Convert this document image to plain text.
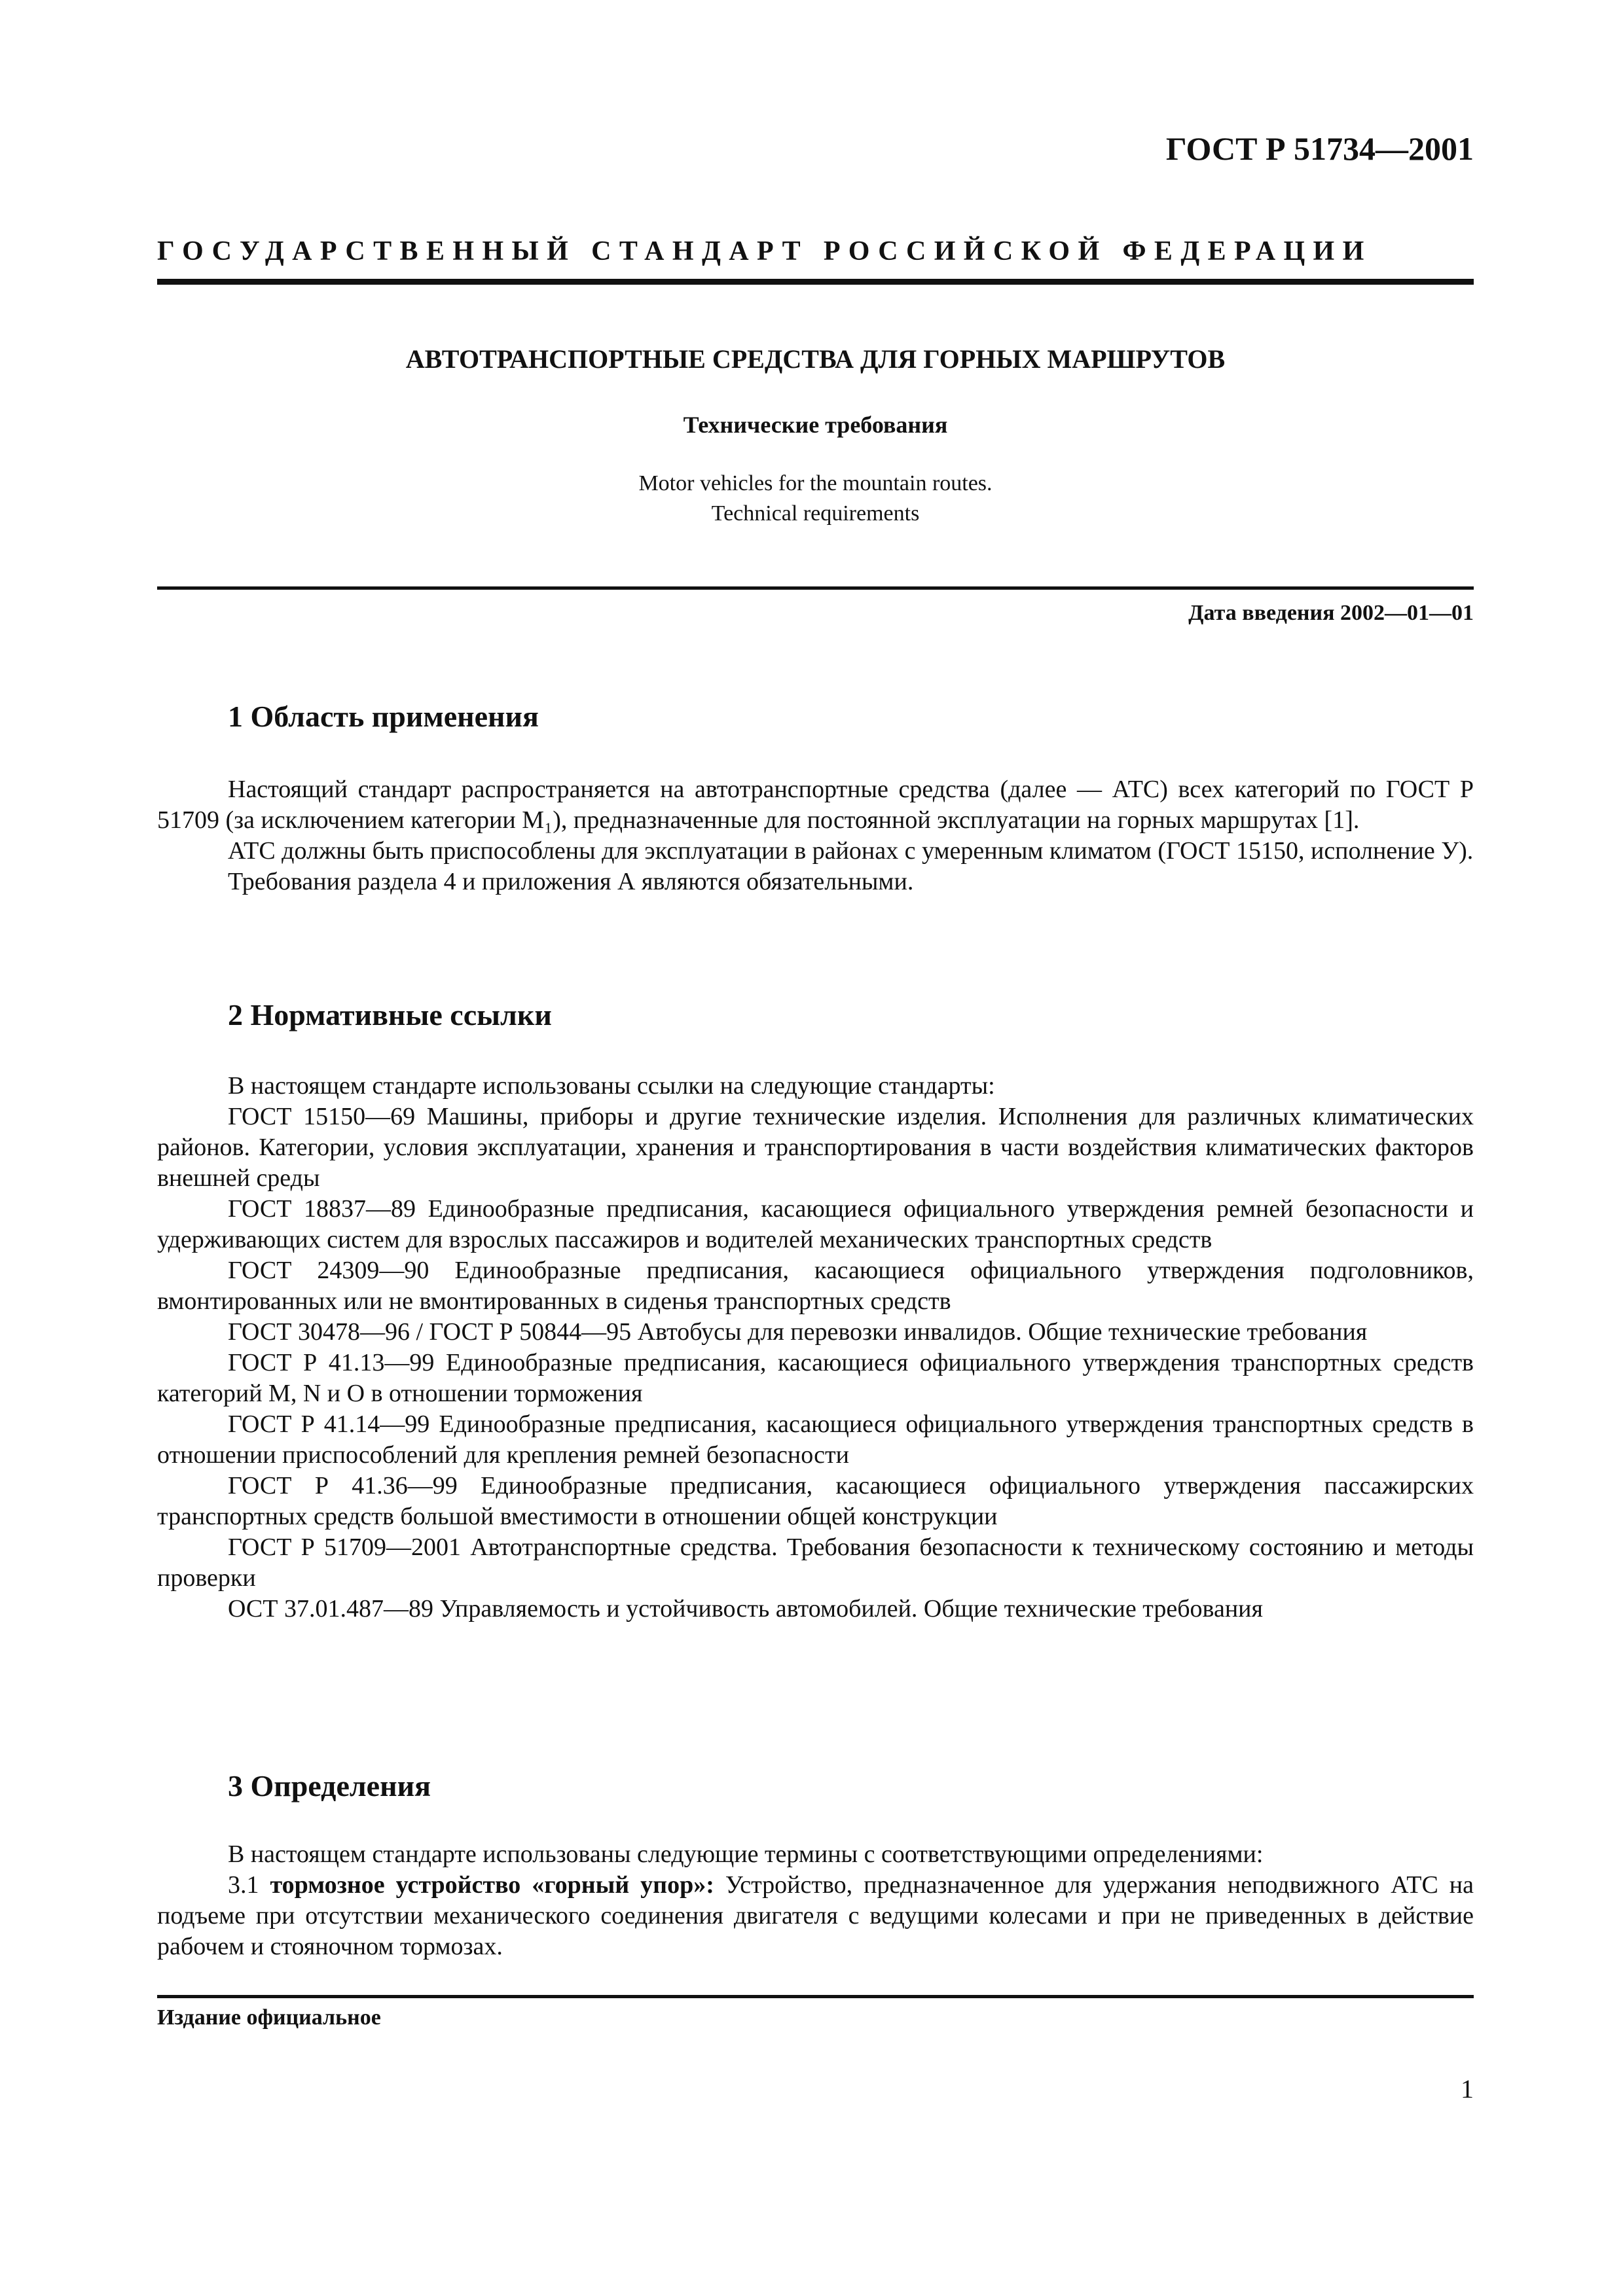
ГОСТ Р 51734—2001
ГОСУДАРСТВЕННЫЙ СТАНДАРТ РОССИЙСКОЙ ФЕДЕРАЦИИ
АВТОТРАНСПОРТНЫЕ СРЕДСТВА ДЛЯ ГОРНЫХ МАРШРУТОВ
Технические требования
Motor vehicles for the mountain routes.
Technical requirements
Дата введения 2002—01—01
1 Область применения

Настоящий стандарт распространяется на автотранспортные средства (далее — АТС) всех категорий по ГОСТ Р 51709 (за исключением категории М₁), предназначенные для постоянной эксплуатации на горных маршрутах [1].

АТС должны быть приспособлены для эксплуатации в районах с умеренным климатом (ГОСТ 15150, исполнение У).

Требования раздела 4 и приложения А являются обязательными.

2 Нормативные ссылки

В настоящем стандарте использованы ссылки на следующие стандарты:

ГОСТ 15150—69 Машины, приборы и другие технические изделия. Исполнения для различных климатических районов. Категории, условия эксплуатации, хранения и транспортирования в части воздействия климатических факторов внешней среды

ГОСТ 18837—89 Единообразные предписания, касающиеся официального утверждения ремней безопасности и удерживающих систем для взрослых пассажиров и водителей механических транспортных средств

ГОСТ 24309—90 Единообразные предписания, касающиеся официального утверждения подголовников, вмонтированных или не вмонтированных в сиденья транспортных средств

ГОСТ 30478—96 / ГОСТ Р 50844—95 Автобусы для перевозки инвалидов. Общие технические требования

ГОСТ Р 41.13—99 Единообразные предписания, касающиеся официального утверждения транспортных средств категорий М, N и О в отношении торможения

ГОСТ Р 41.14—99 Единообразные предписания, касающиеся официального утверждения транспортных средств в отношении приспособлений для крепления ремней безопасности

ГОСТ Р 41.36—99 Единообразные предписания, касающиеся официального утверждения пассажирских транспортных средств большой вместимости в отношении общей конструкции

ГОСТ Р 51709—2001 Автотранспортные средства. Требования безопасности к техническому состоянию и методы проверки

ОСТ 37.01.487—89 Управляемость и устойчивость автомобилей. Общие технические требования

3 Определения

В настоящем стандарте использованы следующие термины с соответствующими определениями:

3.1 тормозное устройство «горный упор»: Устройство, предназначенное для удержания неподвижного АТС на подъеме при отсутствии механического соединения двигателя с ведущими колесами и при не приведенных в действие рабочем и стояночном тормозах.

Издание официальное
1
